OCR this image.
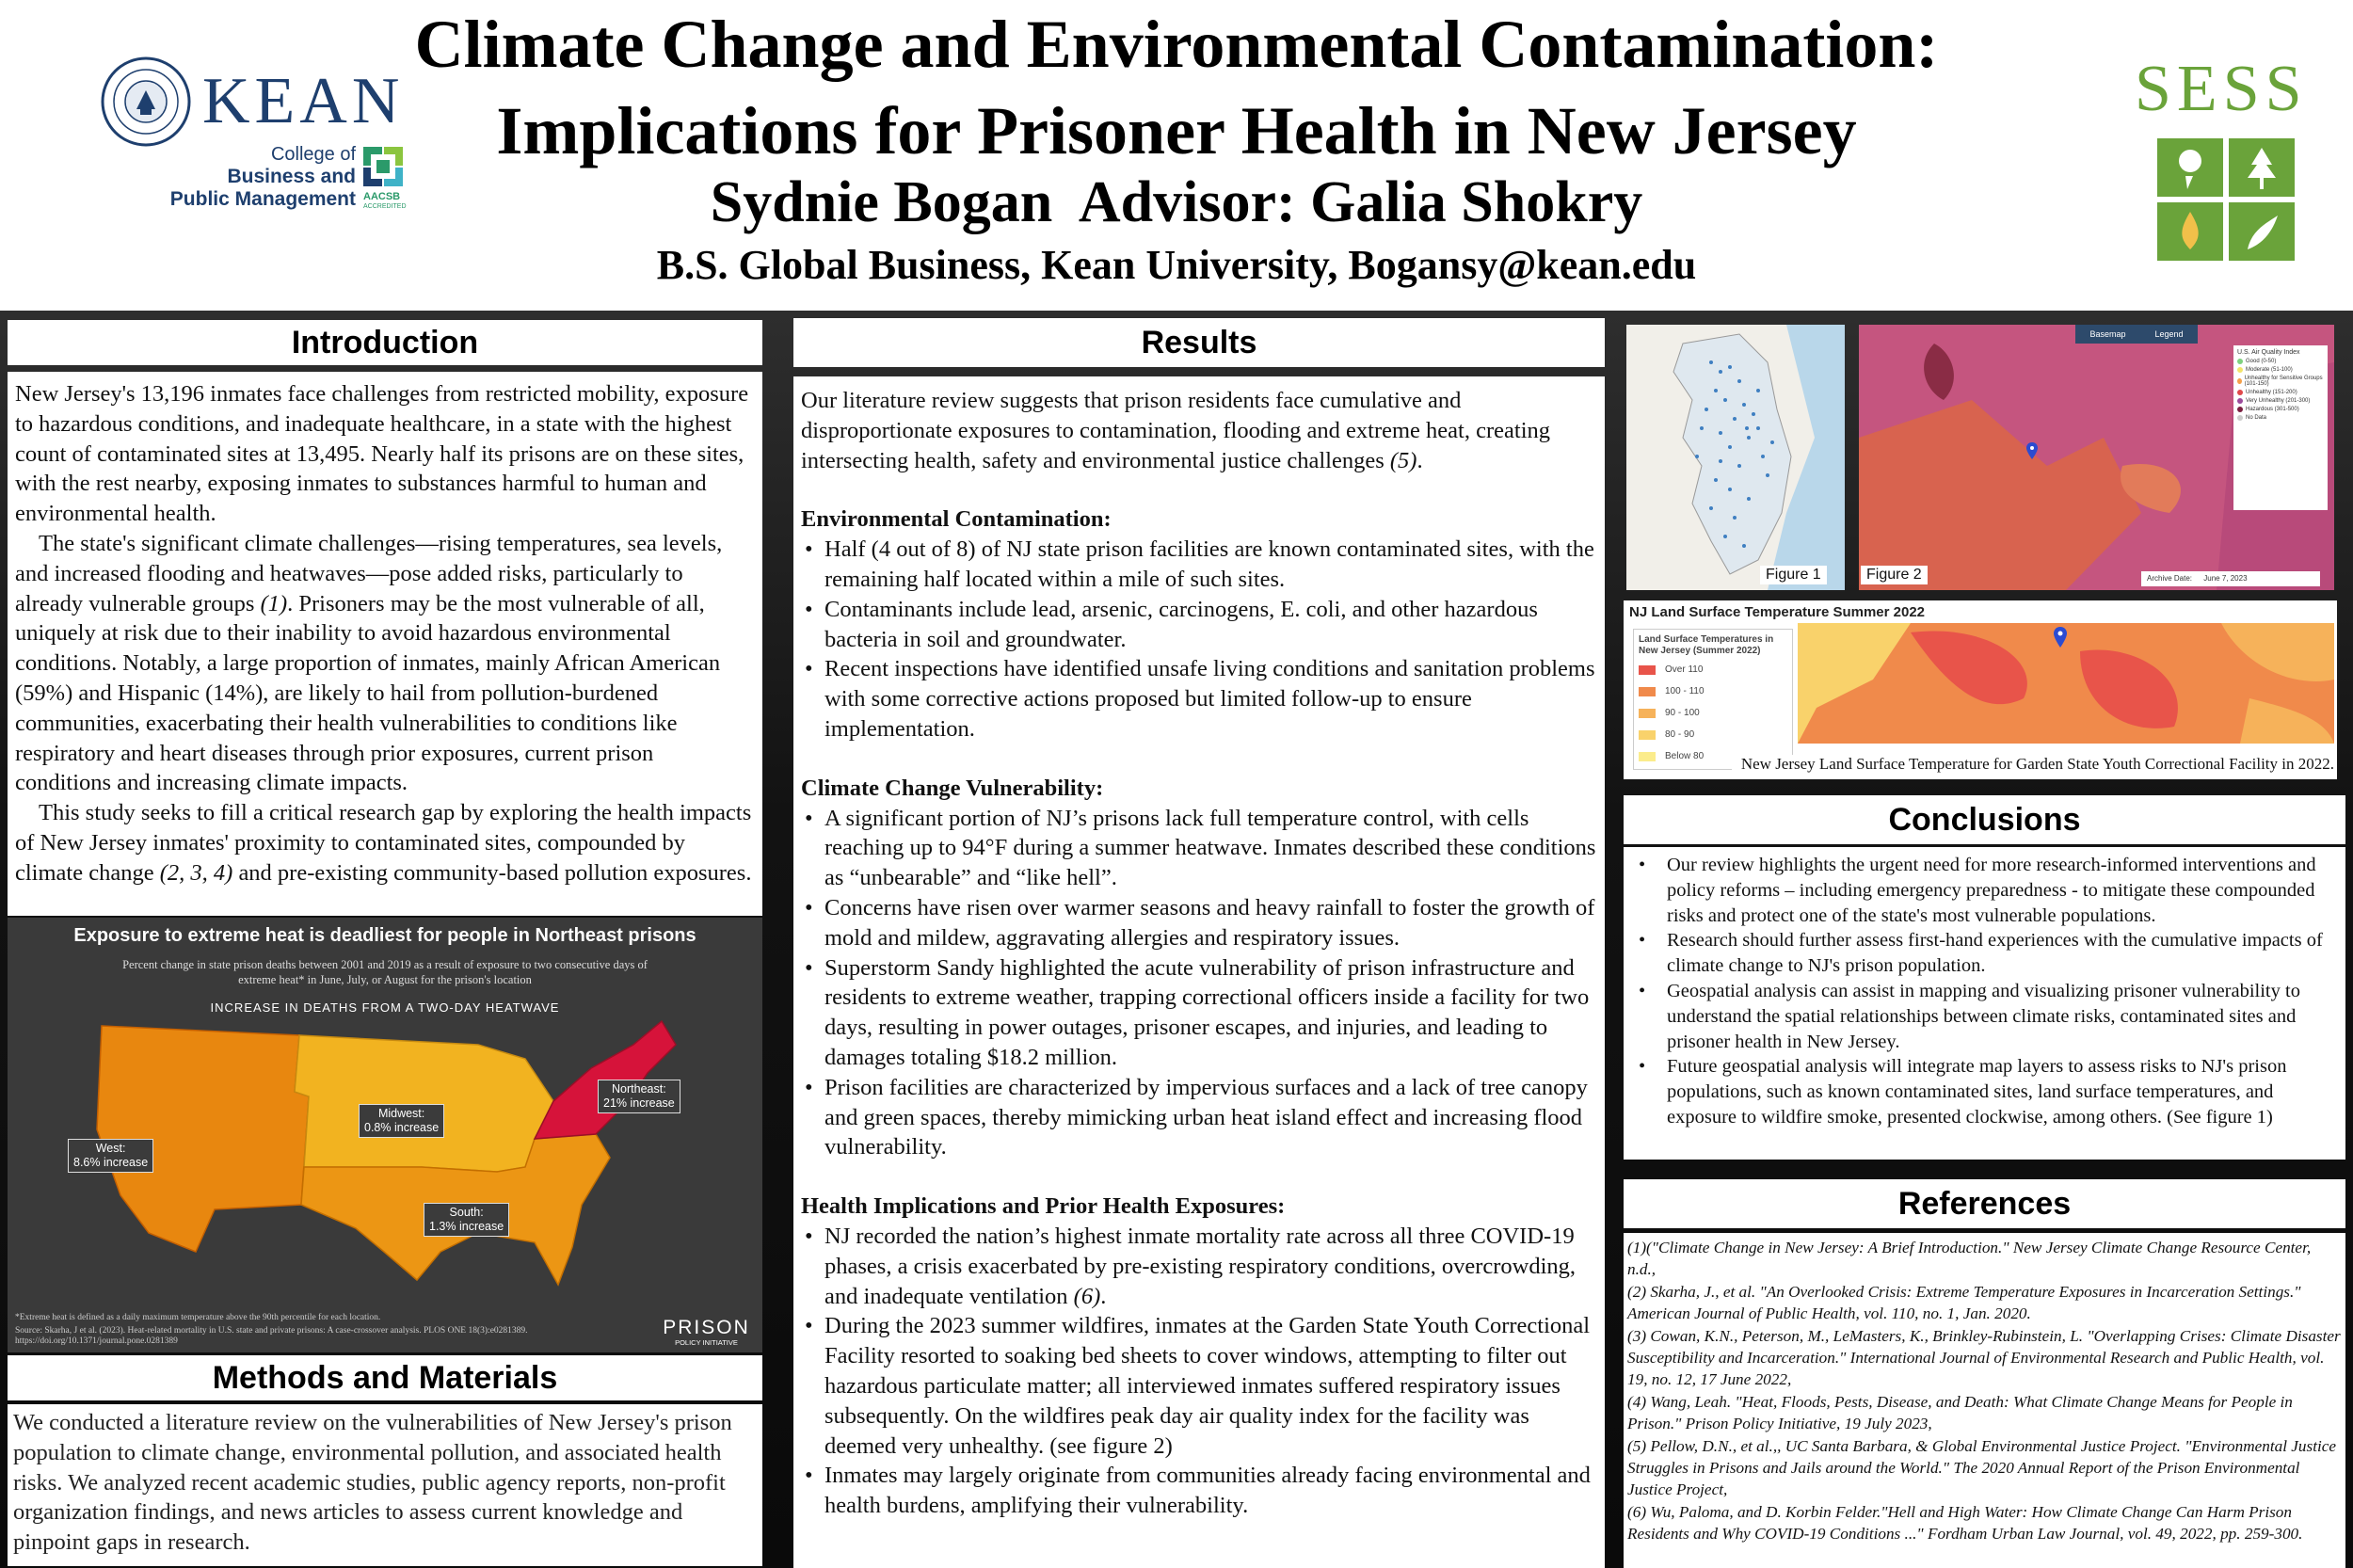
KEAN
College of
Business and
Public Management AACSB
ACCREDITED
Climate Change and Environmental Contamination:
Implications for Prisoner Health in New Jersey
Sydnie Bogan  Advisor: Galia Shokry
B.S. Global Business, Kean University, Bogansy@kean.edu
SESS
Introduction

New Jersey's 13,196 inmates face challenges from restricted mobility, exposure to hazardous conditions, and inadequate healthcare, in a state with the highest count of contaminated sites at 13,495. Nearly half its prisons are on these sites, with the rest nearby, exposing inmates to substances harmful to human and environmental health.

The state's significant climate challenges—rising temperatures, sea levels, and increased flooding and heatwaves—pose added risks, particularly to already vulnerable groups (1). Prisoners may be the most vulnerable of all, uniquely at risk due to their inability to avoid hazardous environmental conditions. Notably, a large proportion of inmates, mainly African American (59%) and Hispanic (14%), are likely to hail from pollution-burdened communities, exacerbating their health vulnerabilities to conditions like respiratory and heart diseases through prior exposures, current prison conditions and increasing climate impacts.

This study seeks to fill a critical research gap by exploring the health impacts of New Jersey inmates' proximity to contaminated sites, compounded by climate change (2, 3, 4) and pre-existing community-based pollution exposures.

Exposure to extreme heat is deadliest for people in Northeast prisons
Percent change in state prison deaths between 2001 and 2019 as a result of exposure to two consecutive days of extreme heat* in June, July, or August for the prison's location
INCREASE IN DEATHS FROM A TWO-DAY HEATWAVE
West:
8.6% increase
Midwest:
0.8% increase
Northeast:
21% increase
South:
1.3% increase
*Extreme heat is defined as a daily maximum temperature above the 90th percentile for each location.
Source: Skarha, J et al. (2023). Heat-related mortality in U.S. state and private prisons: A case-crossover analysis. PLOS ONE 18(3):e0281389. https://doi.org/10.1371/journal.pone.0281389
PRISON
POLICY INITIATIVE
Methods and Materials

We conducted a literature review on the vulnerabilities of New Jersey's prison population to climate change, environmental pollution, and associated health risks. We analyzed recent academic studies, public agency reports, non-profit organization findings, and news articles to assess current knowledge and pinpoint gaps in research.

Results

Our literature review suggests that prison residents face cumulative and disproportionate exposures to contamination, flooding and extreme heat, creating intersecting health, safety and environmental justice challenges (5).

Environmental Contamination:

• Half (4 out of 8) of NJ state prison facilities are known contaminated sites, with the remaining half located within a mile of such sites.
• Contaminants include lead, arsenic, carcinogens, E. coli, and other hazardous bacteria in soil and groundwater.
• Recent inspections have identified unsafe living conditions and sanitation problems with some corrective actions proposed but limited follow-up to ensure implementation.

Climate Change Vulnerability:

• A significant portion of NJ’s prisons lack full temperature control, with cells reaching up to 94°F during a summer heatwave. Inmates described these conditions as “unbearable” and “like hell”.
• Concerns have risen over warmer seasons and heavy rainfall to foster the growth of mold and mildew, aggravating allergies and respiratory issues.
• Superstorm Sandy highlighted the acute vulnerability of prison infrastructure and residents to extreme weather, trapping correctional officers inside a facility for two days, resulting in power outages, prisoner escapes, and injuries, and leading to damages totaling $18.2 million.
• Prison facilities are characterized by impervious surfaces and a lack of tree canopy and green spaces, thereby mimicking urban heat island effect and increasing flood vulnerability.

Health Implications and Prior Health Exposures:

• NJ recorded the nation’s highest inmate mortality rate across all three COVID-19 phases, a crisis exacerbated by pre-existing respiratory conditions, overcrowding, and inadequate ventilation (6).
• During the 2023 summer wildfires, inmates at the Garden State Youth Correctional Facility resorted to soaking bed sheets to cover windows, attempting to filter out hazardous particulate matter; all interviewed inmates suffered respiratory issues subsequently. On the wildfires peak day air quality index for the facility was deemed very unhealthy. (see figure 2)
• Inmates may largely originate from communities already facing environmental and health burdens, amplifying their vulnerability.
Figure 1
Basemap	Legend
U.S. Air Quality Index
Good (0-50)
Moderate (51-100)
Unhealthy for Sensitive Groups (101-150)
Unhealthy (151-200)
Very Unhealthy (201-300)
Hazardous (301-500)
No Data
Figure 2	Archive Date: June 7, 2023
NJ Land Surface Temperature Summer 2022
Land Surface Temperatures in New Jersey (Summer 2022)
Over 110
100 - 110
90 - 100
80 - 90
Below 80	New Jersey Land Surface Temperature for Garden State Youth Correctional Facility in 2022.
Conclusions
• Our review highlights the urgent need for more research-informed interventions and policy reforms – including emergency preparedness - to mitigate these compounded risks and protect one of the state's most vulnerable populations.
• Research should further assess first-hand experiences with the cumulative impacts of climate change to NJ's prison population.
• Geospatial analysis can assist in mapping and visualizing prisoner vulnerability to understand the spatial relationships between climate risks, contaminated sites and prisoner health in New Jersey.
• Future geospatial analysis will integrate map layers to assess risks to NJ's prison populations, such as known contaminated sites, land surface temperatures, and exposure to wildfire smoke, presented clockwise, among others. (See figure 1)
References

(1)("Climate Change in New Jersey: A Brief Introduction." New Jersey Climate Change Resource Center, n.d.,

(2) Skarha, J., et al. "An Overlooked Crisis: Extreme Temperature Exposures in Incarceration Settings." American Journal of Public Health, vol. 110, no. 1, Jan. 2020.

(3) Cowan, K.N., Peterson, M., LeMasters, K., Brinkley-Rubinstein, L. "Overlapping Crises: Climate Disaster Susceptibility and Incarceration." International Journal of Environmental Research and Public Health, vol. 19, no. 12, 17 June 2022,

(4) Wang, Leah. "Heat, Floods, Pests, Disease, and Death: What Climate Change Means for People in Prison." Prison Policy Initiative, 19 July 2023,

(5) Pellow, D.N., et al.,, UC Santa Barbara, & Global Environmental Justice Project. "Environmental Justice Struggles in Prisons and Jails around the World." The 2020 Annual Report of the Prison Environmental Justice Project,

(6) Wu, Paloma, and D. Korbin Felder."Hell and High Water: How Climate Change Can Harm Prison Residents and Why COVID-19 Conditions ..." Fordham Urban Law Journal, vol. 49, 2022, pp. 259-300.
